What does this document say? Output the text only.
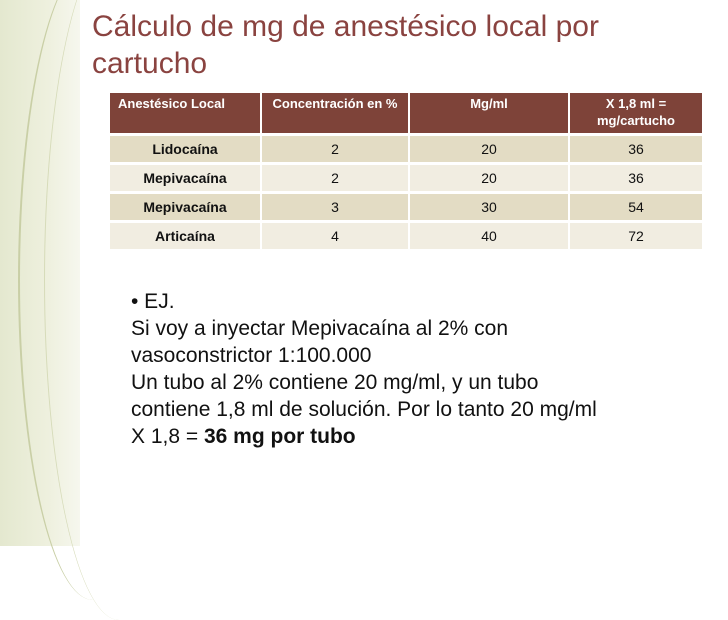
Cálculo de mg de anestésico local por cartucho
Anestésico Local	Concentración en %	Mg/ml	X 1,8 ml = mg/cartucho
Lidocaína	2	20	36
Mepivacaína	2	20	36
Mepivacaína	3	30	54
Articaína	4	40	72

• EJ.

Si voy a inyectar Mepivacaína al 2% con

vasoconstrictor 1:100.000

Un tubo al 2% contiene 20 mg/ml, y un tubo

contiene 1,8 ml de solución. Por lo tanto 20 mg/ml

X 1,8 = 36 mg por tubo
